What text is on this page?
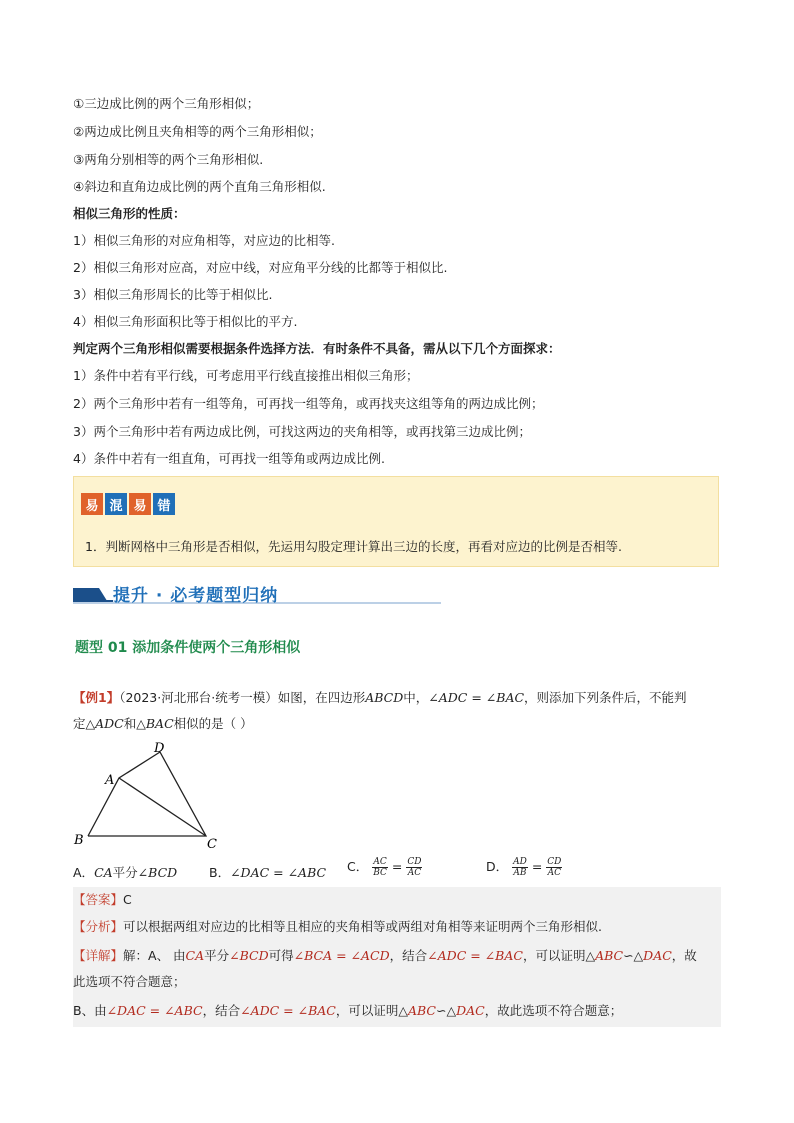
①三边成比例的两个三角形相似；
②两边成比例且夹角相等的两个三角形相似；
③两角分别相等的两个三角形相似.
④斜边和直角边成比例的两个直角三角形相似.
相似三角形的性质：
1）相似三角形的对应角相等，对应边的比相等.
2）相似三角形对应高，对应中线，对应角平分线的比都等于相似比.
3）相似三角形周长的比等于相似比.
4）相似三角形面积比等于相似比的平方.
判定两个三角形相似需要根据条件选择方法．有时条件不具备，需从以下几个方面探求：
1）条件中若有平行线，可考虑用平行线直接推出相似三角形；
2）两个三角形中若有一组等角，可再找一组等角，或再找夹这组等角的两边成比例；
3）两个三角形中若有两边成比例，可找这两边的夹角相等，或再找第三边成比例；
4）条件中若有一组直角，可再找一组等角或两边成比例.
易 混 易 错
1．判断网格中三角形是否相似，先运用勾股定理计算出三边的长度，再看对应边的比例是否相等.
提升 · 必考题型归纳
题型 01 添加条件使两个三角形相似
【例1】（2023·河北邢台·统考一模）如图，在四边形ABCD中，∠ADC = ∠BAC，则添加下列条件后，不能判
定△ADC和△BAC相似的是（ ）
D
A
B	C
A．CA平分∠BCD	B．∠DAC = ∠ABC C． $\frac{AC}{BC} = \frac{CD}{AC}$	D． $\frac{AD}{AB} = \frac{CD}{AC}$
【答案】C
【分析】可以根据两组对应边的比相等且相应的夹角相等或两组对角相等来证明两个三角形相似.
【详解】解：A、 由CA平分∠BCD可得∠BCA = ∠ACD，结合∠ADC = ∠BAC，可以证明△ABC∽△DAC，故
此选项不符合题意；
B、由∠DAC = ∠ABC，结合∠ADC = ∠BAC，可以证明△ABC∽△DAC，故此选项不符合题意；
